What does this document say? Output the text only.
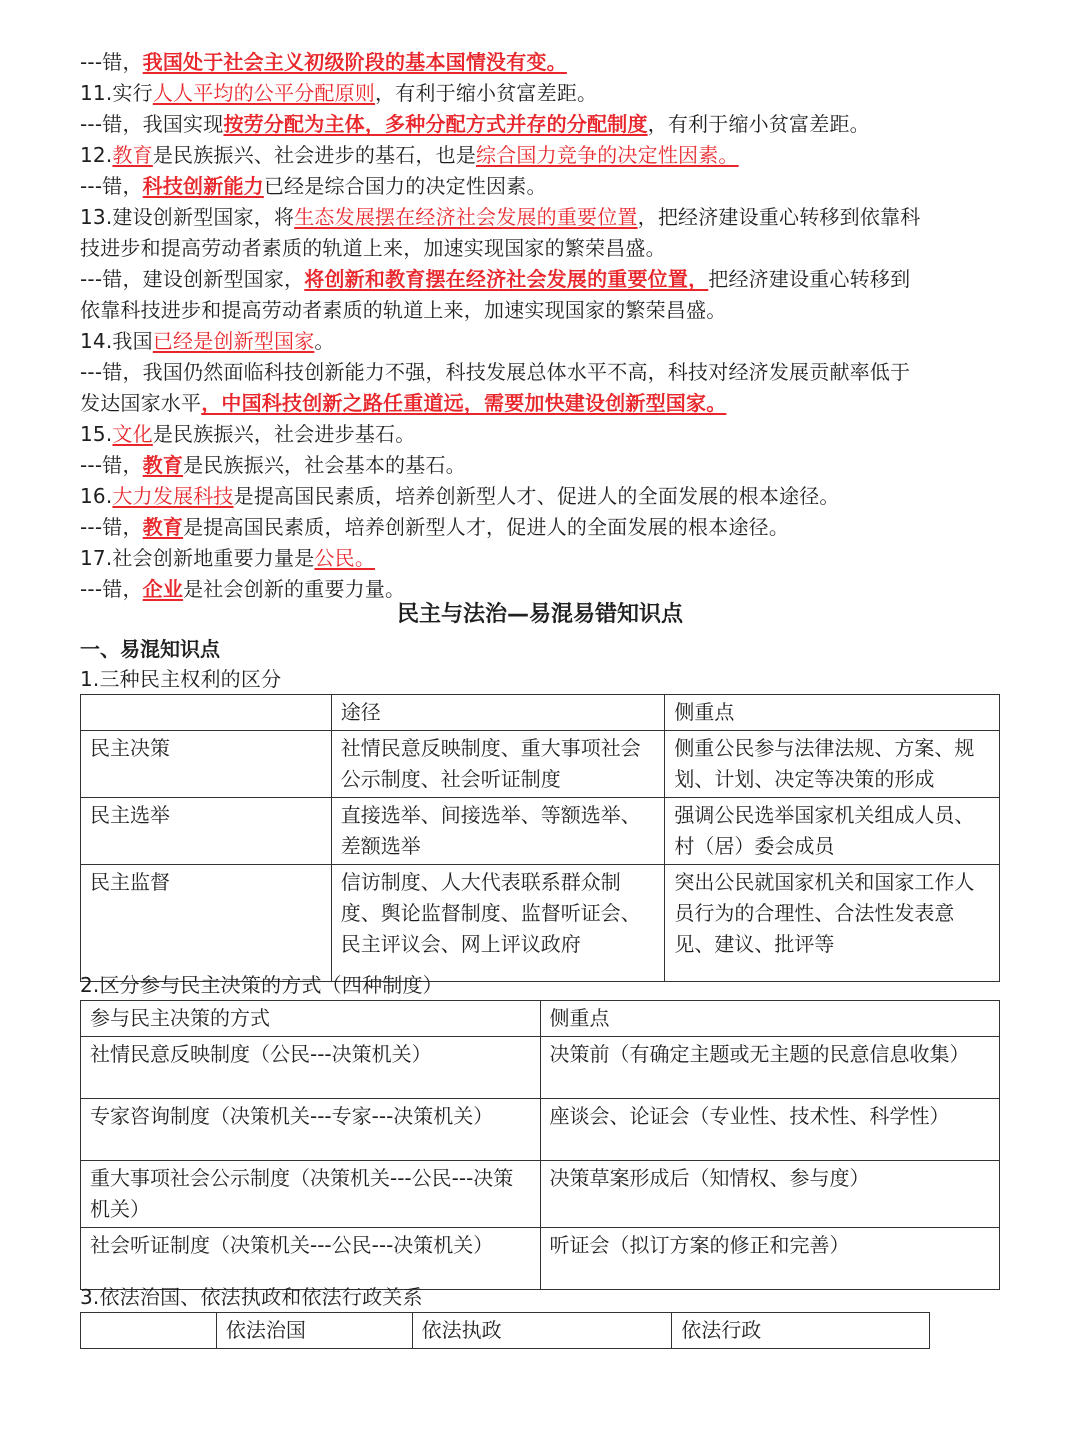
---错，我国处于社会主义初级阶段的基本国情没有变。
11.实行人人平均的公平分配原则，有利于缩小贫富差距。
---错，我国实现按劳分配为主体，多种分配方式并存的分配制度，有利于缩小贫富差距。
12.教育是民族振兴、社会进步的基石，也是综合国力竞争的决定性因素。
---错，科技创新能力已经是综合国力的决定性因素。
13.建设创新型国家，将生态发展摆在经济社会发展的重要位置，把经济建设重心转移到依靠科
技进步和提高劳动者素质的轨道上来，加速实现国家的繁荣昌盛。
---错，建设创新型国家，将创新和教育摆在经济社会发展的重要位置，把经济建设重心转移到
依靠科技进步和提高劳动者素质的轨道上来，加速实现国家的繁荣昌盛。
14.我国已经是创新型国家。
---错，我国仍然面临科技创新能力不强，科技发展总体水平不高，科技对经济发展贡献率低于
发达国家水平，中国科技创新之路任重道远，需要加快建设创新型国家。
15.文化是民族振兴，社会进步基石。
---错，教育是民族振兴，社会基本的基石。
16.大力发展科技是提高国民素质，培养创新型人才、促进人的全面发展的根本途径。
---错，教育是提高国民素质，培养创新型人才，促进人的全面发展的根本途径。
17.社会创新地重要力量是公民。
---错，企业是社会创新的重要力量。
民主与法治—易混易错知识点
一、易混知识点
1.三种民主权利的区分
	途径	侧重点
民主决策	社情民意反映制度、重大事项社会公示制度、社会听证制度	侧重公民参与法律法规、方案、规划、计划、决定等决策的形成
民主选举	直接选举、间接选举、等额选举、差额选举	强调公民选举国家机关组成人员、村（居）委会成员
民主监督	信访制度、人大代表联系群众制度、舆论监督制度、监督听证会、民主评议会、网上评议政府	突出公民就国家机关和国家工作人员行为的合理性、合法性发表意见、建议、批评等
2.区分参与民主决策的方式（四种制度）
参与民主决策的方式	侧重点
社情民意反映制度（公民---决策机关）	决策前（有确定主题或无主题的民意信息收集）
专家咨询制度（决策机关---专家---决策机关）	座谈会、论证会（专业性、技术性、科学性）
重大事项社会公示制度（决策机关---公民---决策机关）	决策草案形成后（知情权、参与度）
社会听证制度（决策机关---公民---决策机关）	听证会（拟订方案的修正和完善）
3.依法治国、依法执政和依法行政关系
	依法治国	依法执政	依法行政
